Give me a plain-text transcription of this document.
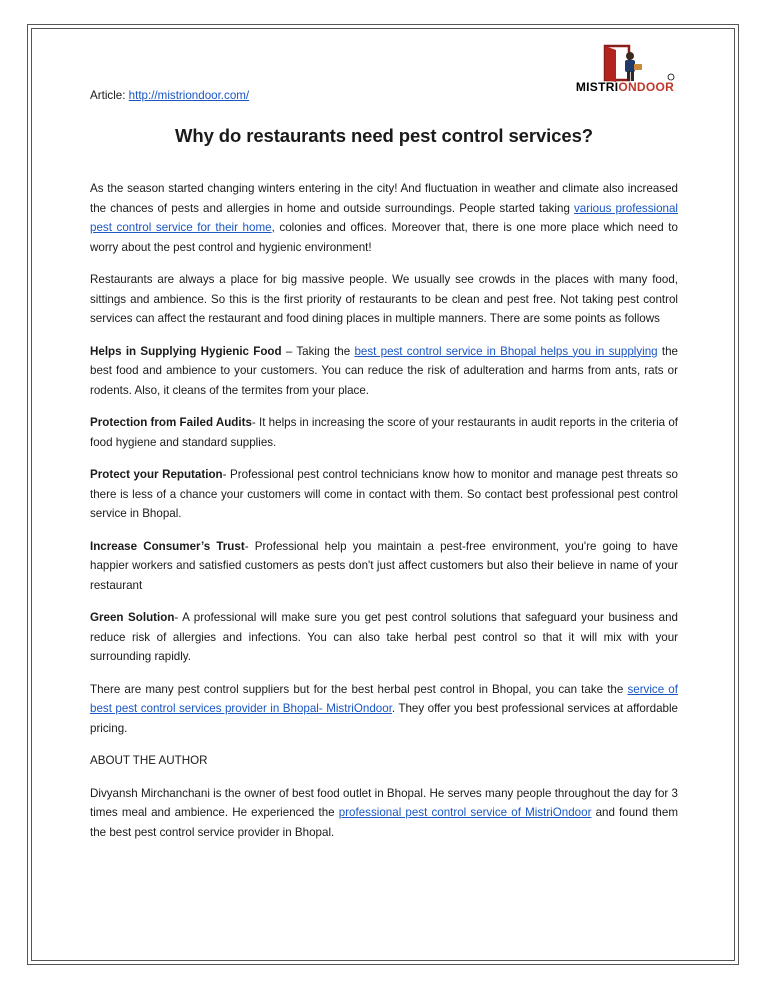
MISTRIONDOOR
Article: http://mistriondoor.com/
Why do restaurants need pest control services?

As the season started changing winters entering in the city! And fluctuation in weather and climate also increased the chances of pests and allergies in home and outside surroundings. People started taking various professional pest control service for their home, colonies and offices. Moreover that, there is one more place which need to worry about the pest control and hygienic environment!

Restaurants are always a place for big massive people. We usually see crowds in the places with many food, sittings and ambience. So this is the first priority of restaurants to be clean and pest free. Not taking pest control services can affect the restaurant and food dining places in multiple manners. There are some points as follows

Helps in Supplying Hygienic Food – Taking the best pest control service in Bhopal helps you in supplying the best food and ambience to your customers. You can reduce the risk of adulteration and harms from ants, rats or rodents. Also, it cleans of the termites from your place.

Protection from Failed Audits- It helps in increasing the score of your restaurants in audit reports in the criteria of food hygiene and standard supplies.

Protect your Reputation- Professional pest control technicians know how to monitor and manage pest threats so there is less of a chance your customers will come in contact with them. So contact best professional pest control service in Bhopal.

Increase Consumer’s Trust- Professional help you maintain a pest-free environment, you're going to have happier workers and satisfied customers as pests don't just affect customers but also their believe in name of your restaurant

Green Solution- A professional will make sure you get pest control solutions that safeguard your business and reduce risk of allergies and infections. You can also take herbal pest control so that it will mix with your surrounding rapidly.

There are many pest control suppliers but for the best herbal pest control in Bhopal, you can take the service of best pest control services provider in Bhopal- MistriOndoor. They offer you best professional services at affordable pricing.

ABOUT THE AUTHOR

Divyansh Mirchanchani is the owner of best food outlet in Bhopal. He serves many people throughout the day for 3 times meal and ambience. He experienced the professional pest control service of MistriOndoor and found them the best pest control service provider in Bhopal.
